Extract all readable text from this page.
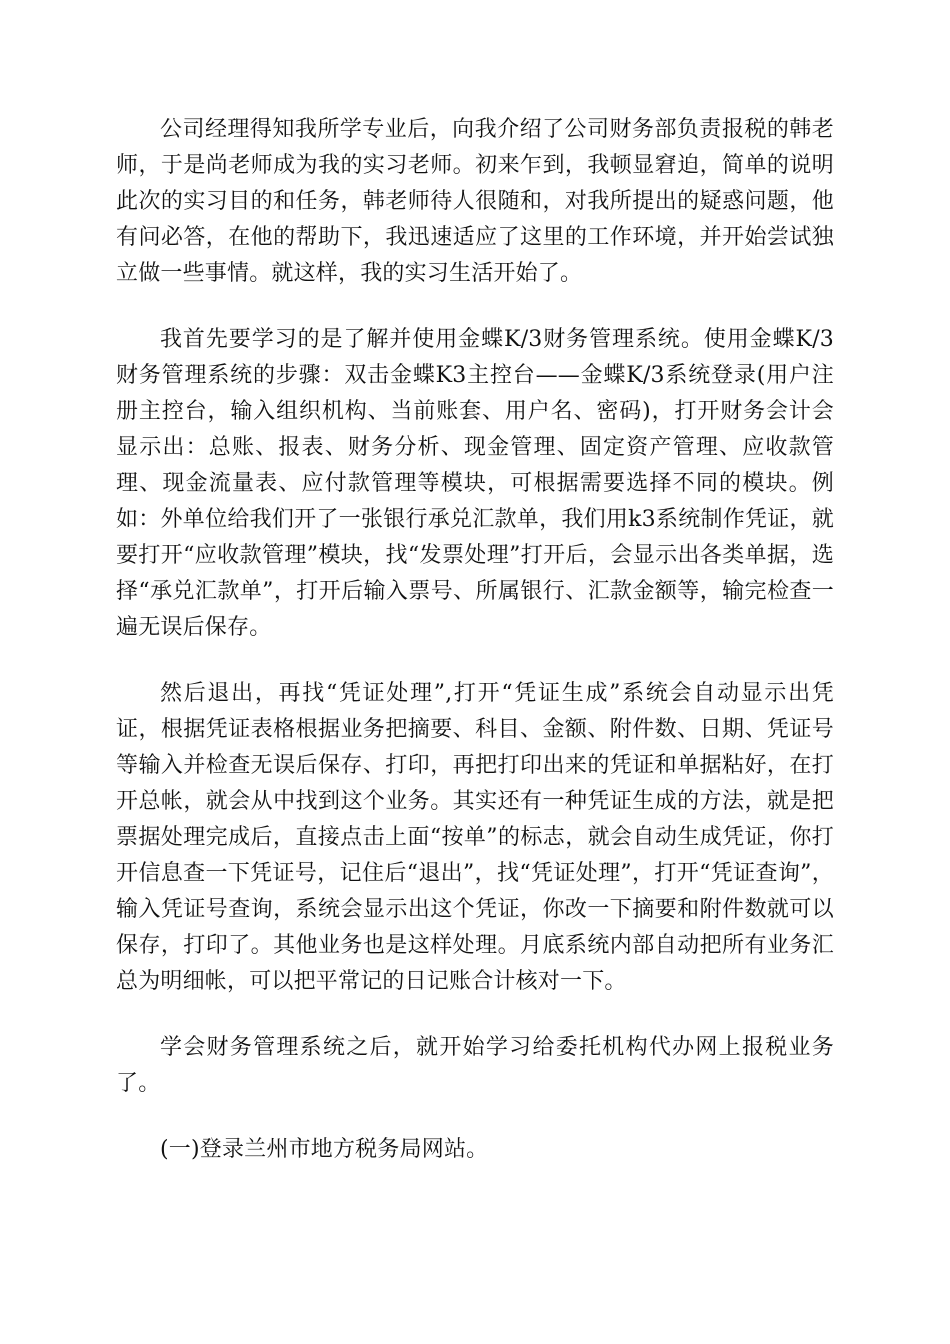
公司经理得知我所学专业后，向我介绍了公司财务部负责报税的韩老师，于是尚老师成为我的实习老师。初来乍到，我顿显窘迫，简单的说明此次的实习目的和任务，韩老师待人很随和，对我所提出的疑惑问题，他有问必答，在他的帮助下，我迅速适应了这里的工作环境，并开始尝试独立做一些事情。就这样，我的实习生活开始了。

我首先要学习的是了解并使用金蝶K/3财务管理系统。使用金蝶K/3财务管理系统的步骤：双击金蝶K3主控台——金蝶K/3系统登录(用户注册主控台，输入组织机构、当前账套、用户名、密码)，打开财务会计会显示出：总账、报表、财务分析、现金管理、固定资产管理、应收款管理、现金流量表、应付款管理等模块，可根据需要选择不同的模块。例如：外单位给我们开了一张银行承兑汇款单，我们用k3系统制作凭证，就要打开“应收款管理”模块，找“发票处理”打开后，会显示出各类单据，选择“承兑汇款单”，打开后输入票号、所属银行、汇款金额等，输完检查一遍无误后保存。

然后退出，再找“凭证处理”,打开“凭证生成”系统会自动显示出凭证，根据凭证表格根据业务把摘要、科目、金额、附件数、日期、凭证号等输入并检查无误后保存、打印，再把打印出来的凭证和单据粘好，在打开总帐，就会从中找到这个业务。其实还有一种凭证生成的方法，就是把票据处理完成后，直接点击上面“按单”的标志，就会自动生成凭证，你打开信息查一下凭证号，记住后“退出”，找“凭证处理”，打开“凭证查询”，输入凭证号查询，系统会显示出这个凭证，你改一下摘要和附件数就可以保存，打印了。其他业务也是这样处理。月底系统内部自动把所有业务汇总为明细帐，可以把平常记的日记账合计核对一下。

学会财务管理系统之后，就开始学习给委托机构代办网上报税业务了。

(一)登录兰州市地方税务局网站。
